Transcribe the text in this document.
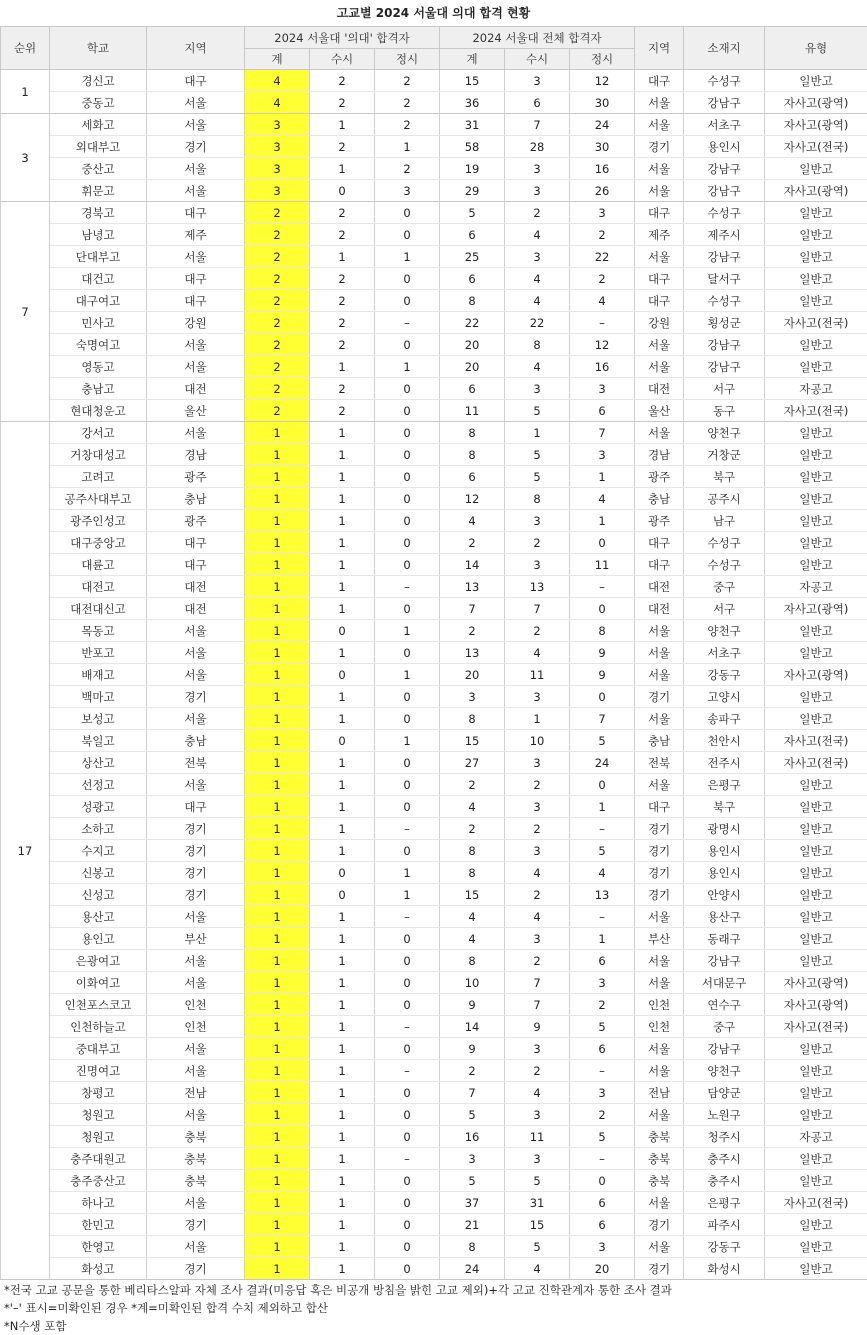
고교별 2024 서울대 의대 합격 현황
순위	학교	지역	2024 서울대 '의대' 합격자			2024 서울대 전체 합격자			지역	소재지	유형
			계	수시	정시	계	수시	정시			
1	경신고	대구	4	2	2	15	3	12	대구	수성구	일반고
	중동고	서울	4	2	2	36	6	30	서울	강남구	자사고(광역)
3	세화고	서울	3	1	2	31	7	24	서울	서초구	자사고(광역)
	외대부고	경기	3	2	1	58	28	30	경기	용인시	자사고(전국)
	중산고	서울	3	1	2	19	3	16	서울	강남구	일반고
	휘문고	서울	3	0	3	29	3	26	서울	강남구	자사고(광역)
7	경북고	대구	2	2	0	5	2	3	대구	수성구	일반고
	남녕고	제주	2	2	0	6	4	2	제주	제주시	일반고
	단대부고	서울	2	1	1	25	3	22	서울	강남구	일반고
	대건고	대구	2	2	0	6	4	2	대구	달서구	일반고
	대구여고	대구	2	2	0	8	4	4	대구	수성구	일반고
	민사고	강원	2	2	–	22	22	–	강원	횡성군	자사고(전국)
	숙명여고	서울	2	2	0	20	8	12	서울	강남구	일반고
	영동고	서울	2	1	1	20	4	16	서울	강남구	일반고
	충남고	대전	2	2	0	6	3	3	대전	서구	자공고
	현대청운고	울산	2	2	0	11	5	6	울산	동구	자사고(전국)
17	강서고	서울	1	1	0	8	1	7	서울	양천구	일반고
	거창대성고	경남	1	1	0	8	5	3	경남	거창군	일반고
	고려고	광주	1	1	0	6	5	1	광주	북구	일반고
	공주사대부고	충남	1	1	0	12	8	4	충남	공주시	일반고
	광주인성고	광주	1	1	0	4	3	1	광주	남구	일반고
	대구중앙고	대구	1	1	0	2	2	0	대구	수성구	일반고
	대륜고	대구	1	1	0	14	3	11	대구	수성구	일반고
	대전고	대전	1	1	–	13	13	–	대전	중구	자공고
	대전대신고	대전	1	1	0	7	7	0	대전	서구	자사고(광역)
	목동고	서울	1	0	1	2	2	8	서울	양천구	일반고
	반포고	서울	1	1	0	13	4	9	서울	서초구	일반고
	배재고	서울	1	0	1	20	11	9	서울	강동구	자사고(광역)
	백마고	경기	1	1	0	3	3	0	경기	고양시	일반고
	보성고	서울	1	1	0	8	1	7	서울	송파구	일반고
	북일고	충남	1	0	1	15	10	5	충남	천안시	자사고(전국)
	상산고	전북	1	1	0	27	3	24	전북	전주시	자사고(전국)
	선정고	서울	1	1	0	2	2	0	서울	은평구	일반고
	성광고	대구	1	1	0	4	3	1	대구	북구	일반고
	소하고	경기	1	1	–	2	2	–	경기	광명시	일반고
	수지고	경기	1	1	0	8	3	5	경기	용인시	일반고
	신봉고	경기	1	0	1	8	4	4	경기	용인시	일반고
	신성고	경기	1	0	1	15	2	13	경기	안양시	일반고
	용산고	서울	1	1	–	4	4	–	서울	용산구	일반고
	용인고	부산	1	1	0	4	3	1	부산	동래구	일반고
	은광여고	서울	1	1	0	8	2	6	서울	강남구	일반고
	이화여고	서울	1	1	0	10	7	3	서울	서대문구	자사고(광역)
	인천포스코고	인천	1	1	0	9	7	2	인천	연수구	자사고(광역)
	인천하늘고	인천	1	1	–	14	9	5	인천	중구	자사고(전국)
	중대부고	서울	1	1	0	9	3	6	서울	강남구	일반고
	진명여고	서울	1	1	–	2	2	–	서울	양천구	일반고
	창평고	전남	1	1	0	7	4	3	전남	담양군	일반고
	청원고	서울	1	1	0	5	3	2	서울	노원구	일반고
	청원고	충북	1	1	0	16	11	5	충북	청주시	자공고
	충주대원고	충북	1	1	–	3	3	–	충북	충주시	일반고
	충주중산고	충북	1	1	0	5	5	0	충북	충주시	일반고
	하나고	서울	1	1	0	37	31	6	서울	은평구	자사고(전국)
	한민고	경기	1	1	0	21	15	6	경기	파주시	일반고
	한영고	서울	1	1	0	8	5	3	서울	강동구	일반고
	화성고	경기	1	1	0	24	4	20	경기	화성시	일반고
*전국 고교 공문을 통한 베리타스알파 자체 조사 결과(미응답 혹은 비공개 방침을 밝힌 고교 제외)+각 고교 진학관계자 통한 조사 결과
*'–' 표시=미확인된 경우 *계=미확인된 합격 수치 제외하고 합산
*N수생 포함
